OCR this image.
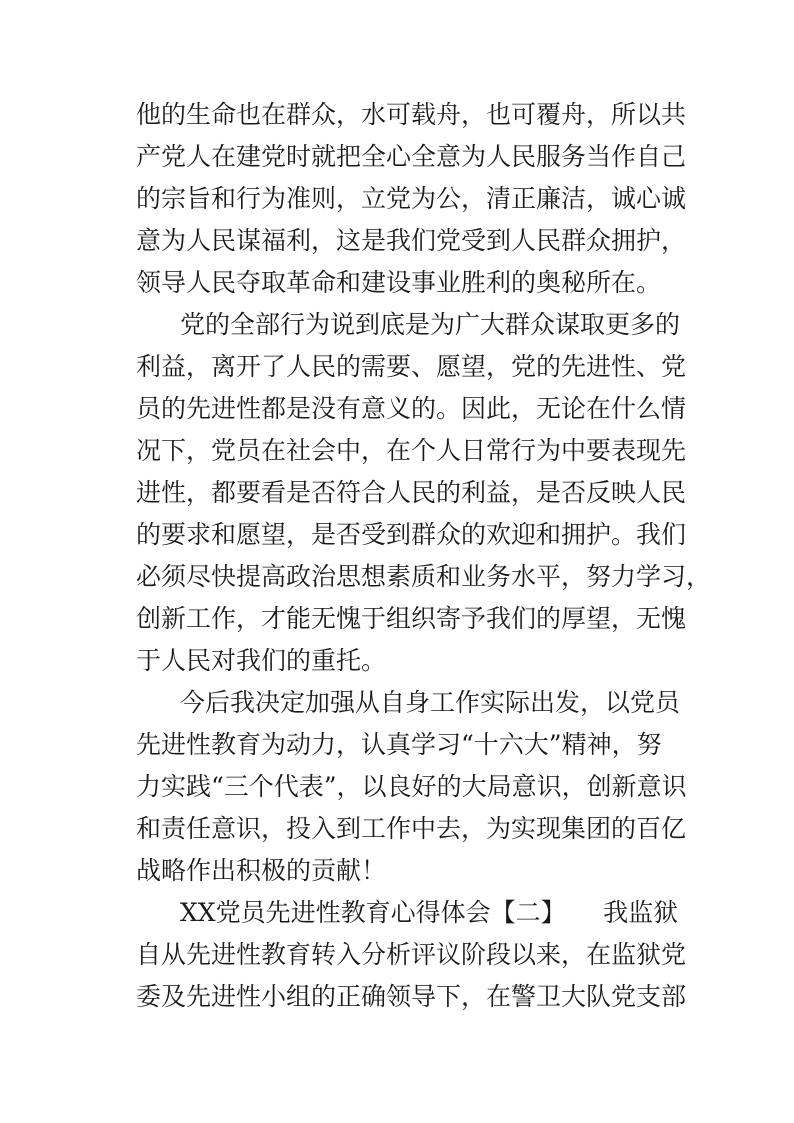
他的生命也在群众，水可载舟，也可覆舟，所以共
产党人在建党时就把全心全意为人民服务当作自己
的宗旨和行为准则，立党为公，清正廉洁，诚心诚
意为人民谋福利，这是我们党受到人民群众拥护，
领导人民夺取革命和建设事业胜利的奥秘所在。
党的全部行为说到底是为广大群众谋取更多的
利益，离开了人民的需要、愿望，党的先进性、党
员的先进性都是没有意义的。因此，无论在什么情
况下，党员在社会中，在个人日常行为中要表现先
进性，都要看是否符合人民的利益，是否反映人民
的要求和愿望，是否受到群众的欢迎和拥护。我们
必须尽快提高政治思想素质和业务水平，努力学习，
创新工作，才能无愧于组织寄予我们的厚望，无愧
于人民对我们的重托。
今后我决定加强从自身工作实际出发，以党员
先进性教育为动力，认真学习“十六大”精神，努
力实践“三个代表”，以良好的大局意识，创新意识
和责任意识，投入到工作中去，为实现集团的百亿
战略作出积极的贡献！
XX党员先进性教育心得体会【二】　　我监狱
自从先进性教育转入分析评议阶段以来，在监狱党
委及先进性小组的正确领导下，在警卫大队党支部
